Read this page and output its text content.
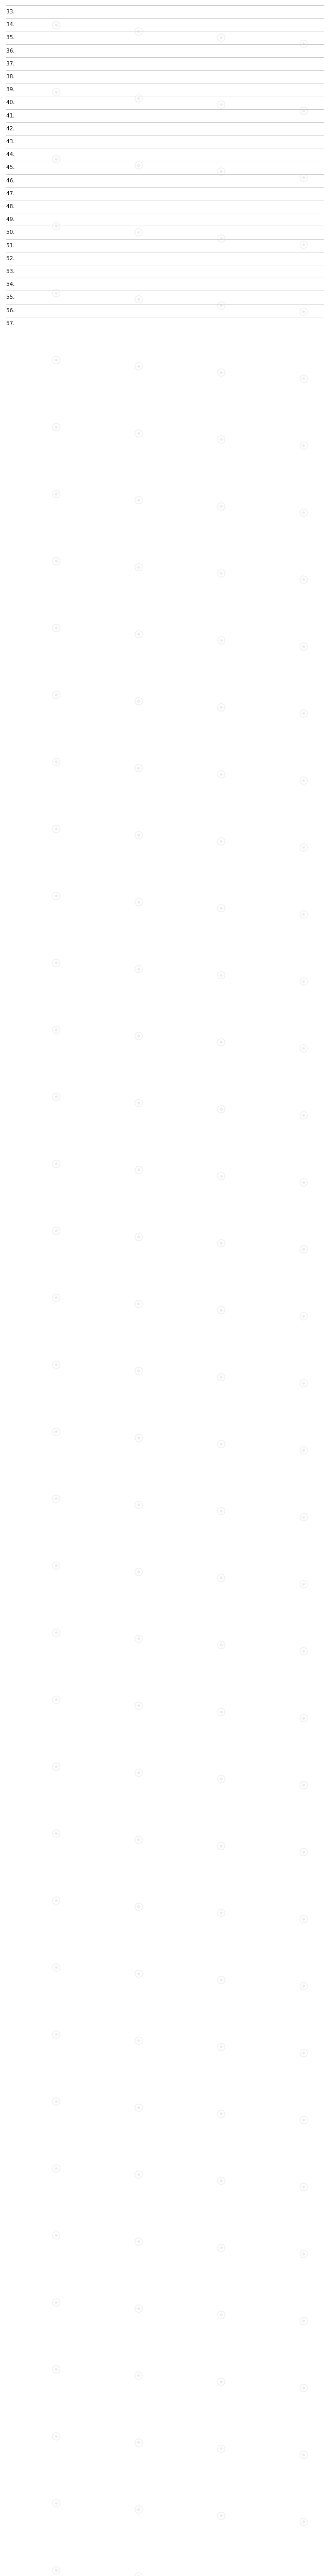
33.
34.
35.
36.
37.
38.
39.
40.
41.
42.
43.
44.
45.
46.
47.
48.
49.
50.
51.
52.
53.
54.
55.
56.
57.
